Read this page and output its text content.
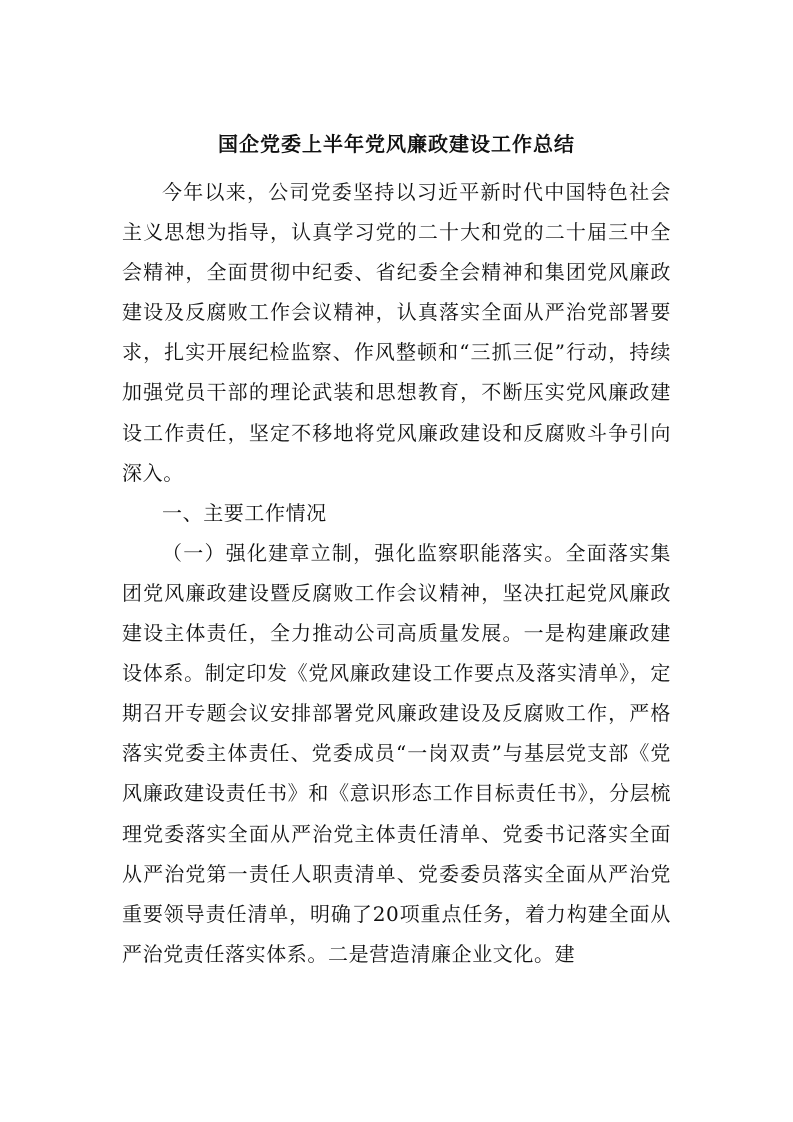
国企党委上半年党风廉政建设工作总结

今年以来，公司党委坚持以习近平新时代中国特色社会主义思想为指导，认真学习党的二十大和党的二十届三中全会精神，全面贯彻中纪委、省纪委全会精神和集团党风廉政建设及反腐败工作会议精神，认真落实全面从严治党部署要求，扎实开展纪检监察、作风整顿和“三抓三促”行动，持续加强党员干部的理论武装和思想教育，不断压实党风廉政建设工作责任，坚定不移地将党风廉政建设和反腐败斗争引向深入。

一、主要工作情况

（一）强化建章立制，强化监察职能落实。全面落实集团党风廉政建设暨反腐败工作会议精神，坚决扛起党风廉政建设主体责任，全力推动公司高质量发展。一是构建廉政建设体系。制定印发《党风廉政建设工作要点及落实清单》，定期召开专题会议安排部署党风廉政建设及反腐败工作，严格落实党委主体责任、党委成员“一岗双责”与基层党支部《党风廉政建设责任书》和《意识形态工作目标责任书》，分层梳理党委落实全面从严治党主体责任清单、党委书记落实全面从严治党第一责任人职责清单、党委委员落实全面从严治党重要领导责任清单，明确了20项重点任务，着力构建全面从严治党责任落实体系。二是营造清廉企业文化。建
